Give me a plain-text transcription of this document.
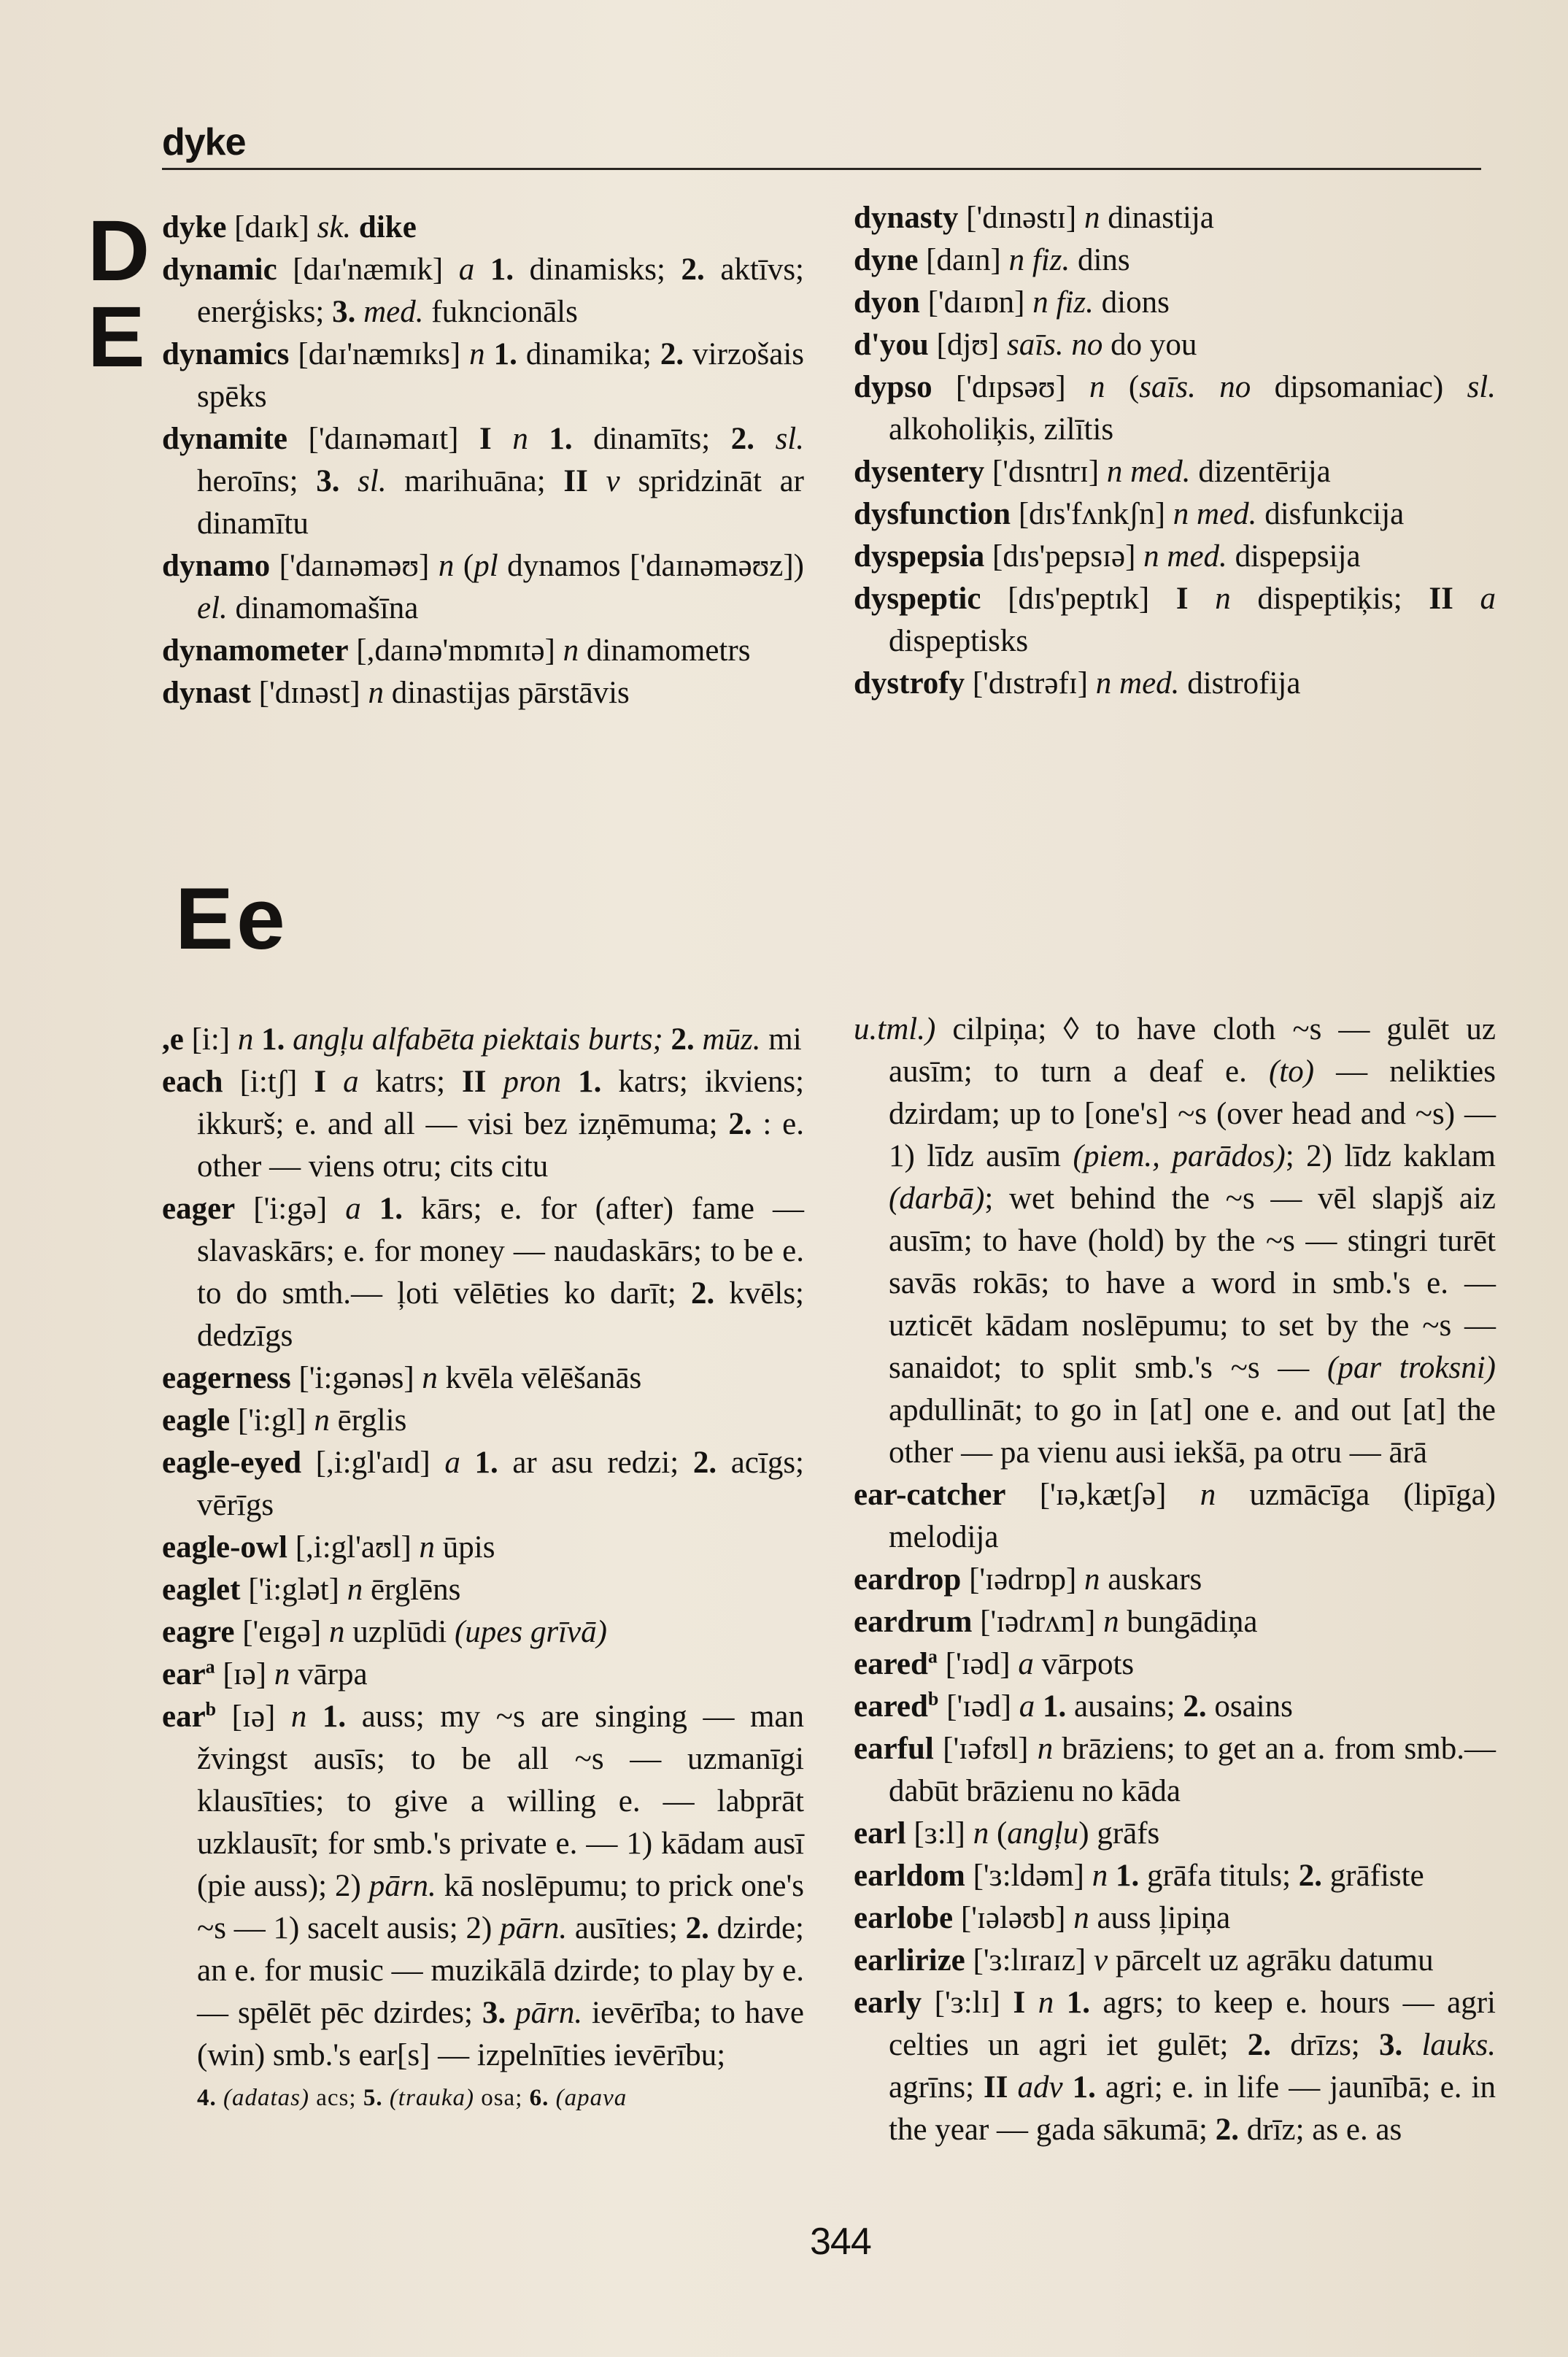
dyke
D
E

dyke [daɪk] sk. dike

dynamic [daɪ'næmɪk] a 1. dinamisks; 2. aktīvs; enerģisks; 3. med. fukncionāls

dynamics [daɪ'næmɪks] n 1. dinamika; 2. virzošais spēks

dynamite ['daɪnəmaɪt] I n 1. dinamīts; 2. sl. heroīns; 3. sl. marihuāna; II v spridzināt ar dinamītu

dynamo ['daɪnəməʊ] n (pl dynamos ['daɪnəməʊz]) el. dinamomašīna

dynamometer [,daɪnə'mɒmɪtə] n dinamometrs

dynast ['dɪnəst] n dinastijas pārstāvis

dynasty ['dɪnəstɪ] n dinastija

dyne [daɪn] n fiz. dins

dyon ['daɪɒn] n fiz. dions

d'you [djʊ] saīs. no do you

dypso ['dɪpsəʊ] n (saīs. no dipsomaniac) sl. alkoholiķis, zilītis

dysentery ['dɪsntrɪ] n med. dizentērija

dysfunction [dɪs'fʌnkʃn] n med. disfunkcija

dyspepsia [dɪs'pepsɪə] n med. dispepsija

dyspeptic [dɪs'peptɪk] I n dispeptiķis; II a dispeptisks

dystrofy ['dɪstrəfɪ] n med. distrofija

Ee

,e [i:] n 1. angļu alfabēta piektais burts; 2. mūz. mi

each [i:tʃ] I a katrs; II pron 1. katrs; ikviens; ikkurš; e. and all — visi bez izņēmuma; 2. : e. other — viens otru; cits citu

eager ['i:gə] a 1. kārs; e. for (after) fame — slavaskārs; e. for money — naudaskārs; to be e. to do smth.— ļoti vēlēties ko darīt; 2. kvēls; dedzīgs

eagerness ['i:gənəs] n kvēla vēlēšanās

eagle ['i:gl] n ērglis

eagle-eyed [,i:gl'aɪd] a 1. ar asu redzi; 2. acīgs; vērīgs

eagle-owl [,i:gl'aʊl] n ūpis

eaglet ['i:glət] n ērglēns

eagre ['eɪgə] n uzplūdi (upes grīvā)

ear$^a$ [ɪə] n vārpa

ear$^b$ [ɪə] n 1. auss; my ~s are singing — man žvingst ausīs; to be all ~s — uzmanīgi klausīties; to give a willing e. — labprāt uzklausīt; for smb.'s private e. — 1) kādam ausī (pie auss); 2) pārn. kā noslēpumu; to prick one's ~s — 1) sacelt ausis; 2) pārn. ausīties; 2. dzirde; an e. for music — muzikālā dzirde; to play by e. — spēlēt pēc dzirdes; 3. pārn. ievērība; to have (win) smb.'s ear[s] — izpelnīties ievērību;

4. (adatas) acs; 5. (trauka) osa; 6. (apava

u.tml.) cilpiņa; ◊ to have cloth ~s — gulēt uz ausīm; to turn a deaf e. (to) — nelikties dzirdam; up to [one's] ~s (over head and ~s) — 1) līdz ausīm (piem., parādos); 2) līdz kaklam (darbā); wet behind the ~s — vēl slapjš aiz ausīm; to have (hold) by the ~s — stingri turēt savās rokās; to have a word in smb.'s e. — uzticēt kādam noslēpumu; to set by the ~s — sanaidot; to split smb.'s ~s — (par troksni) apdullināt; to go in [at] one e. and out [at] the other — pa vienu ausi iekšā, pa otru — ārā

ear-catcher ['ɪə,kætʃə] n uzmācīga (lipīga) melodija

eardrop ['ɪədrɒp] n auskars

eardrum ['ɪədrʌm] n bungādiņa

eared$^a$ ['ɪəd] a vārpots

eared$^b$ ['ɪəd] a 1. ausains; 2. osains

earful ['ɪəfʊl] n brāziens; to get an a. from smb.— dabūt brāzienu no kāda

earl [ɜ:l] n (angļu) grāfs

earldom ['ɜ:ldəm] n 1. grāfa tituls; 2. grāfiste

earlobe ['ɪələʊb] n auss ļipiņa

earlirize ['ɜ:lɪraɪz] v pārcelt uz agrāku datumu

early ['ɜ:lɪ] I n 1. agrs; to keep e. hours — agri celties un agri iet gulēt; 2. drīzs; 3. lauks. agrīns; II adv 1. agri; e. in life — jaunībā; e. in the year — gada sākumā; 2. drīz; as e. as

344
